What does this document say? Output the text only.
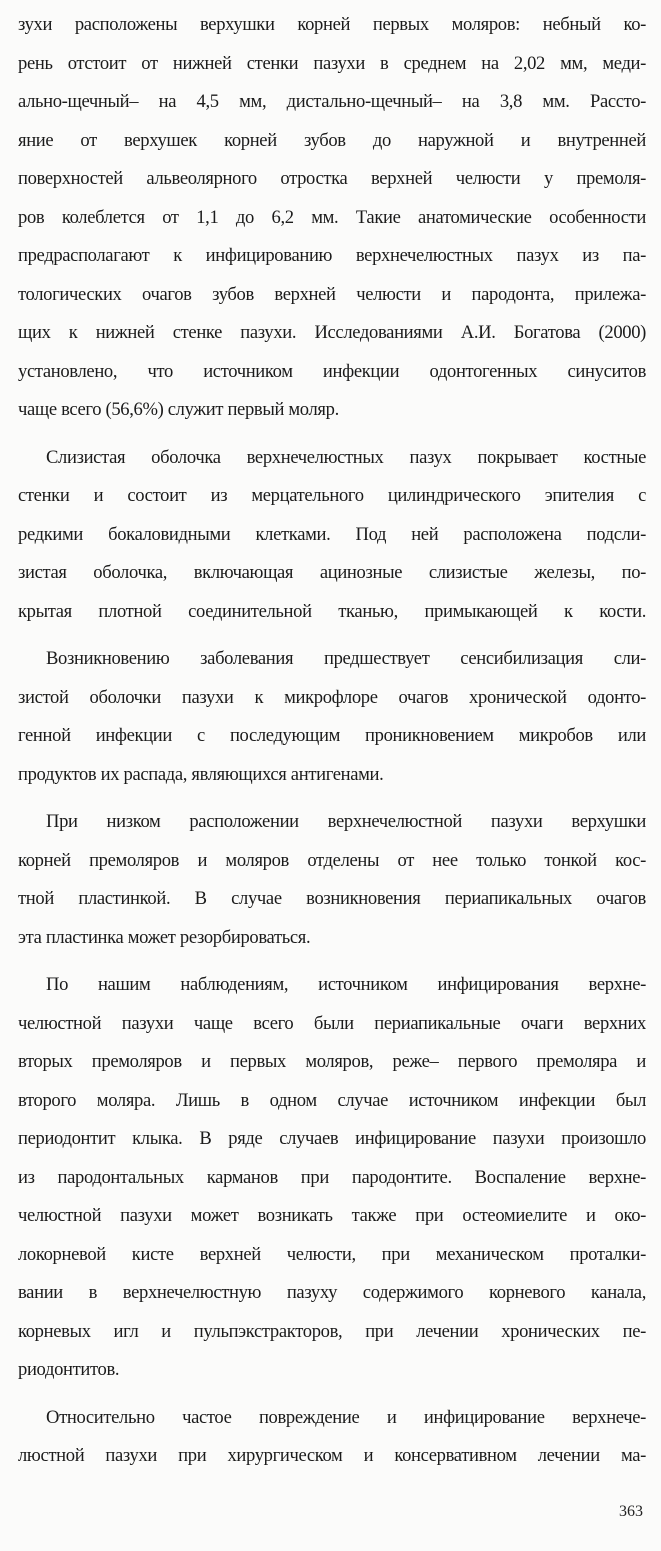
зухи расположены верхушки корней первых моляров: небный ко-
рень отстоит от нижней стенки пазухи в среднем на 2,02 мм, меди-
ально-щечный– на 4,5 мм, дистально-щечный– на 3,8 мм. Рассто-
яние от верхушек корней зубов до наружной и внутренней
поверхностей альвеолярного отростка верхней челюсти у премоля-
ров колеблется от 1,1 до 6,2 мм. Такие анатомические особенности
предрасполагают к инфицированию верхнечелюстных пазух из па-
тологических очагов зубов верхней челюсти и пародонта, прилежа-
щих к нижней стенке пазухи. Исследованиями А.И. Богатова (2000)
установлено, что источником инфекции одонтогенных синуситов
чаще всего (56,6%) служит первый моляр.
Слизистая оболочка верхнечелюстных пазух покрывает костные
стенки и состоит из мерцательного цилиндрического эпителия с
редкими бокаловидными клетками. Под ней расположена подсли-
зистая оболочка, включающая ацинозные слизистые железы, по-
крытая плотной соединительной тканью, примыкающей к кости.
Возникновению заболевания предшествует сенсибилизация сли-
зистой оболочки пазухи к микрофлоре очагов хронической одонто-
генной инфекции с последующим проникновением микробов или
продуктов их распада, являющихся антигенами.
При низком расположении верхнечелюстной пазухи верхушки
корней премоляров и моляров отделены от нее только тонкой кос-
тной пластинкой. В случае возникновения периапикальных очагов
эта пластинка может резорбироваться.
По нашим наблюдениям, источником инфицирования верхне-
челюстной пазухи чаще всего были периапикальные очаги верхних
вторых премоляров и первых моляров, реже– первого премоляра и
второго моляра. Лишь в одном случае источником инфекции был
периодонтит клыка. В ряде случаев инфицирование пазухи произошло
из пародонтальных карманов при пародонтите. Воспаление верхне-
челюстной пазухи может возникать также при остеомиелите и око-
локорневой кисте верхней челюсти, при механическом проталки-
вании в верхнечелюстную пазуху содержимого корневого канала,
корневых игл и пульпэкстракторов, при лечении хронических пе-
риодонтитов.
Относительно частое повреждение и инфицирование верхнече-
люстной пазухи при хирургическом и консервативном лечении ма-
363
